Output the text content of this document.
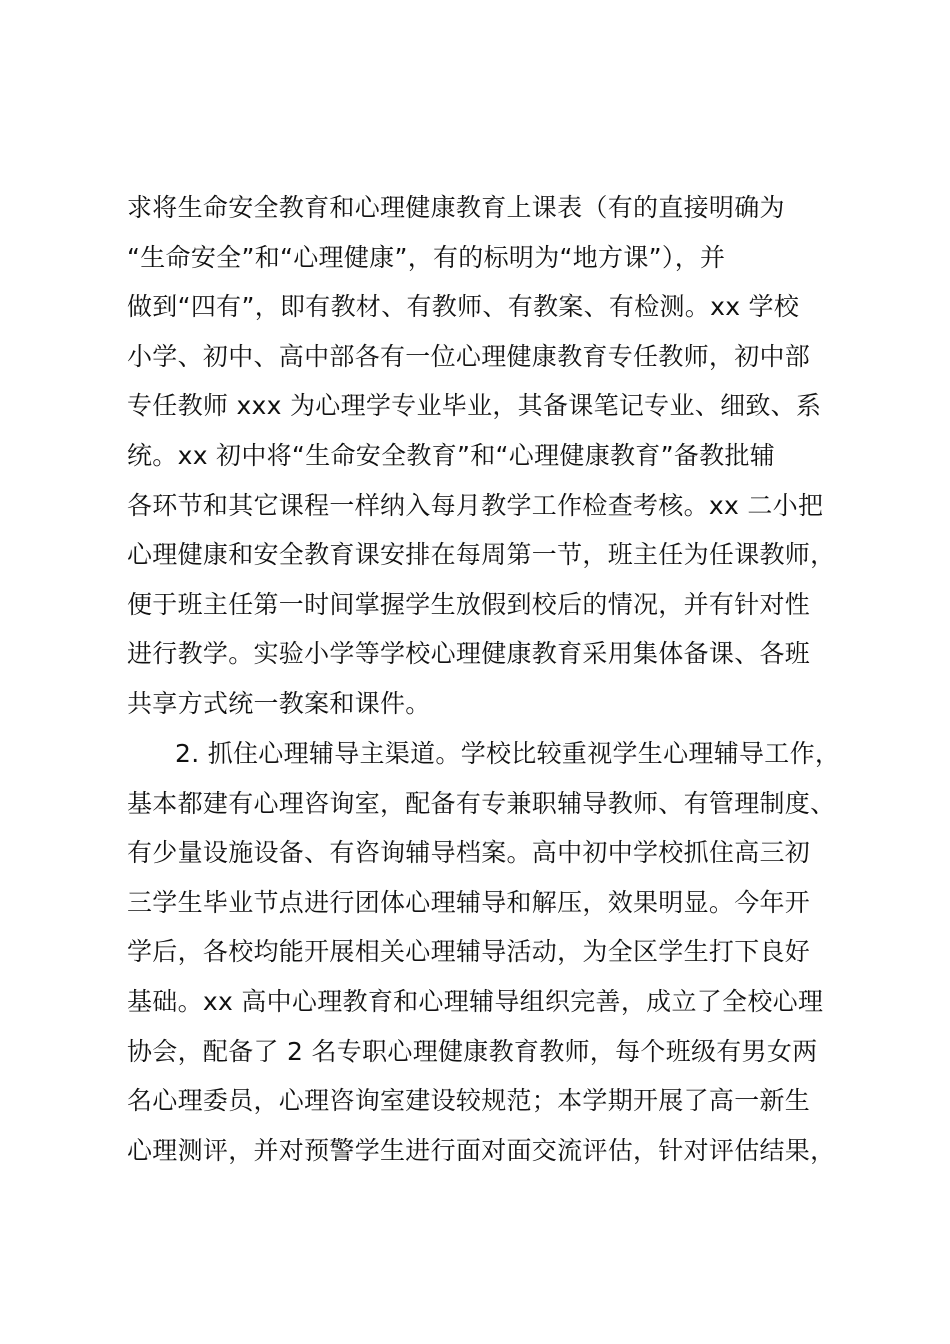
求将生命安全教育和心理健康教育上课表（有的直接明确为
“生命安全”和“心理健康”，有的标明为“地方课”），并
做到“四有”，即有教材、有教师、有教案、有检测。xx 学校
小学、初中、高中部各有一位心理健康教育专任教师，初中部
专任教师 xxx 为心理学专业毕业，其备课笔记专业、细致、系
统。xx 初中将“生命安全教育”和“心理健康教育”备教批辅
各环节和其它课程一样纳入每月教学工作检查考核。xx 二小把
心理健康和安全教育课安排在每周第一节，班主任为任课教师，
便于班主任第一时间掌握学生放假到校后的情况，并有针对性
进行教学。实验小学等学校心理健康教育采用集体备课、各班
共享方式统一教案和课件。
2. 抓住心理辅导主渠道。学校比较重视学生心理辅导工作，
基本都建有心理咨询室，配备有专兼职辅导教师、有管理制度、
有少量设施设备、有咨询辅导档案。高中初中学校抓住高三初
三学生毕业节点进行团体心理辅导和解压，效果明显。今年开
学后，各校均能开展相关心理辅导活动，为全区学生打下良好
基础。xx 高中心理教育和心理辅导组织完善，成立了全校心理
协会，配备了 2 名专职心理健康教育教师，每个班级有男女两
名心理委员，心理咨询室建设较规范；本学期开展了高一新生
心理测评，并对预警学生进行面对面交流评估，针对评估结果，
